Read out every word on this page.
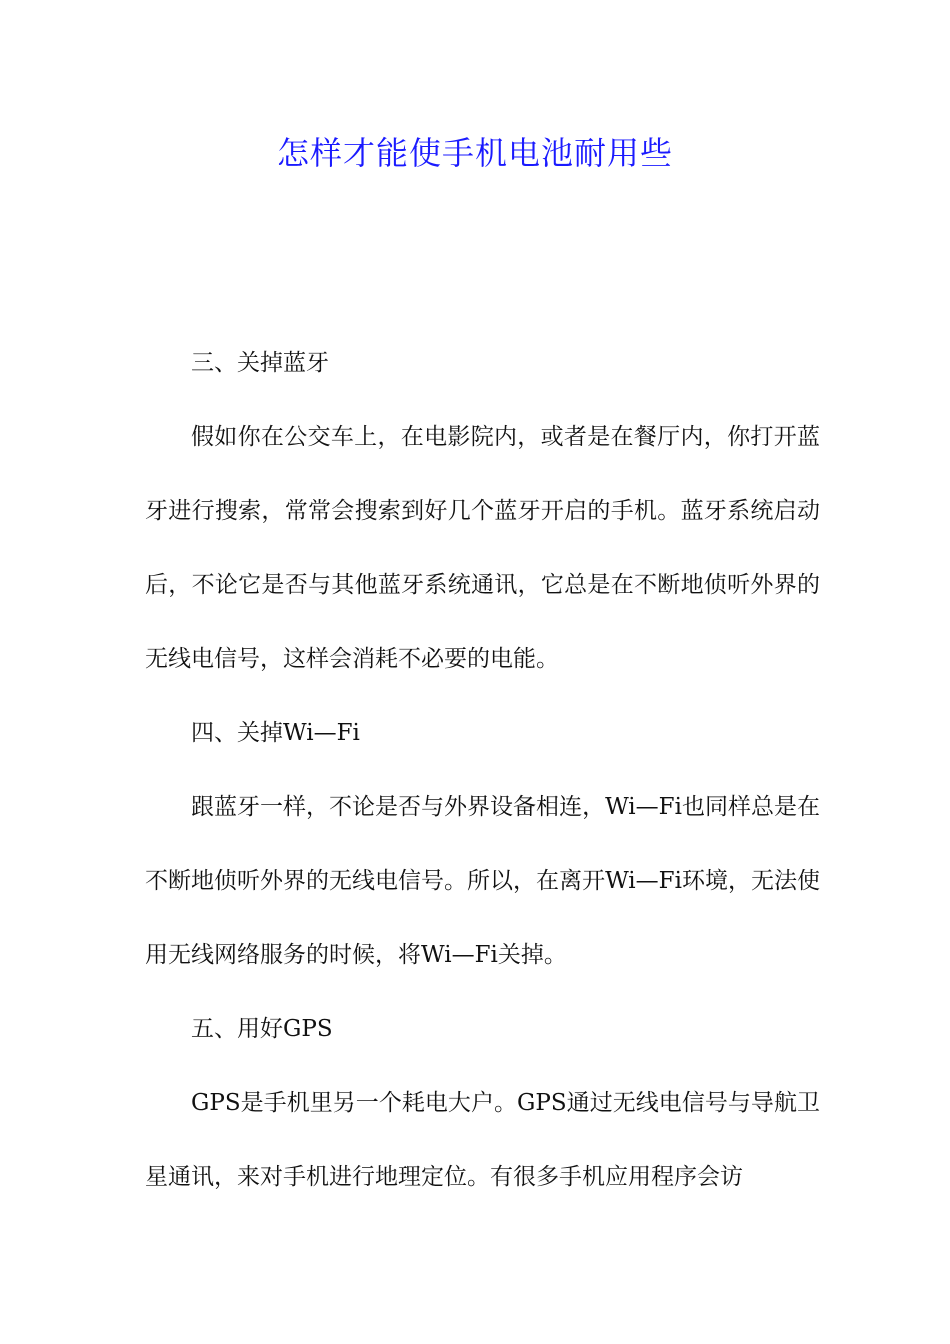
怎样才能使手机电池耐用些

三、关掉蓝牙

假如你在公交车上，在电影院内，或者是在餐厅内，你打开蓝牙进行搜索，常常会搜索到好几个蓝牙开启的手机。蓝牙系统启动后，不论它是否与其他蓝牙系统通讯，它总是在不断地侦听外界的无线电信号，这样会消耗不必要的电能。

四、关掉Wi—Fi

跟蓝牙一样，不论是否与外界设备相连，Wi—Fi也同样总是在不断地侦听外界的无线电信号。所以，在离开Wi—Fi环境，无法使用无线网络服务的时候，将Wi—Fi关掉。

五、用好GPS

GPS是手机里另一个耗电大户。GPS通过无线电信号与导航卫星通讯，来对手机进行地理定位。有很多手机应用程序会访
